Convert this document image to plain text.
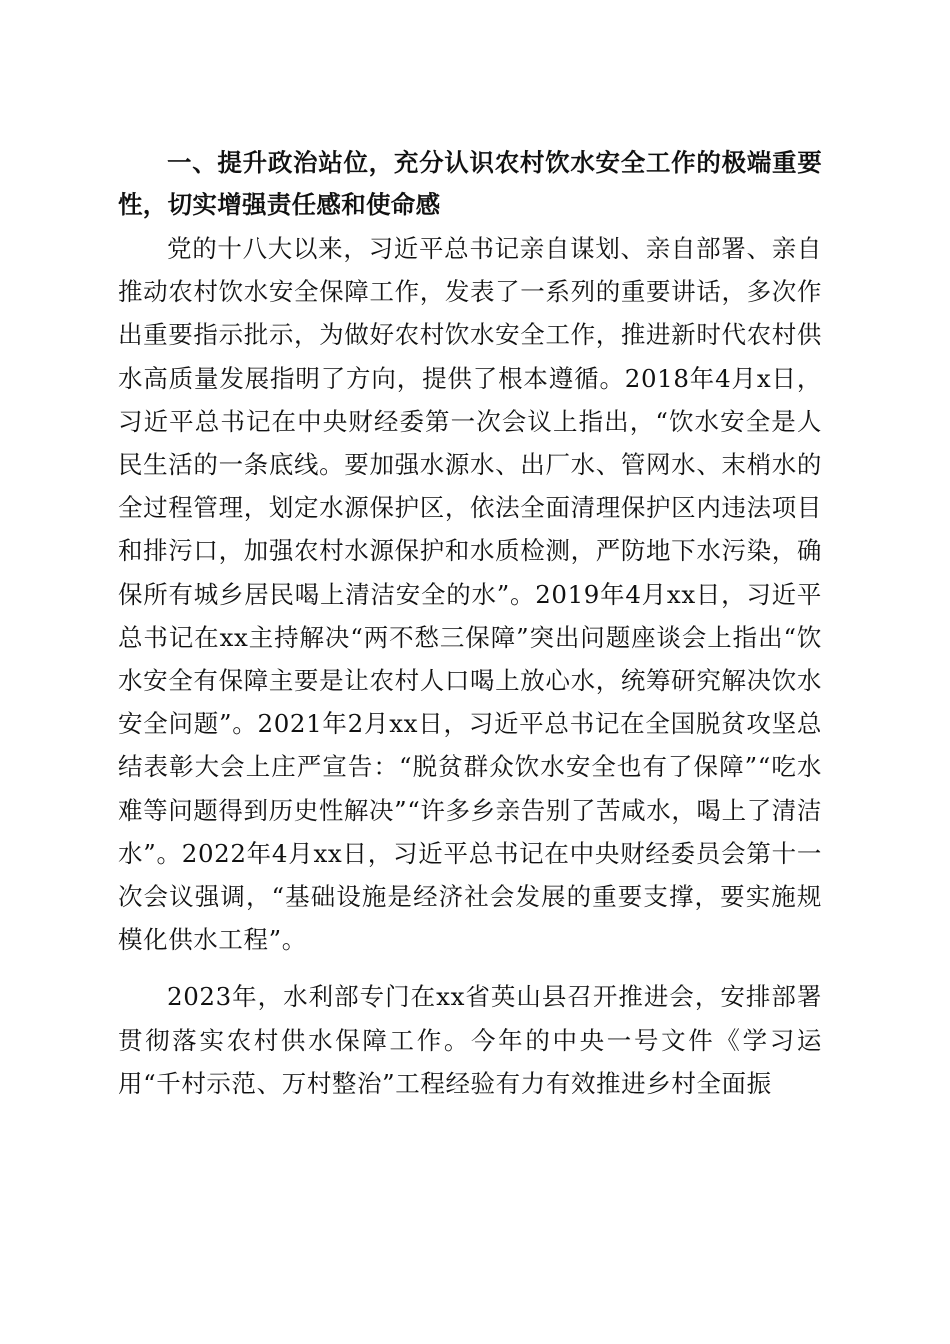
一、提升政治站位，充分认识农村饮水安全工作的极端重要性，切实增强责任感和使命感

党的十八大以来，习近平总书记亲自谋划、亲自部署、亲自推动农村饮水安全保障工作，发表了一系列的重要讲话，多次作出重要指示批示，为做好农村饮水安全工作，推进新时代农村供水高质量发展指明了方向，提供了根本遵循。2018年4月x日，习近平总书记在中央财经委第一次会议上指出，“饮水安全是人民生活的一条底线。要加强水源水、出厂水、管网水、末梢水的全过程管理，划定水源保护区，依法全面清理保护区内违法项目和排污口，加强农村水源保护和水质检测，严防地下水污染，确保所有城乡居民喝上清洁安全的水”。2019年4月xx日，习近平总书记在xx主持解决“两不愁三保障”突出问题座谈会上指出“饮水安全有保障主要是让农村人口喝上放心水，统筹研究解决饮水安全问题”。2021年2月xx日，习近平总书记在全国脱贫攻坚总结表彰大会上庄严宣告：“脱贫群众饮水安全也有了保障”“吃水难等问题得到历史性解决”“许多乡亲告别了苦咸水，喝上了清洁水”。2022年4月xx日，习近平总书记在中央财经委员会第十一次会议强调，“基础设施是经济社会发展的重要支撑，要实施规模化供水工程”。

2023年，水利部专门在xx省英山县召开推进会，安排部署贯彻落实农村供水保障工作。今年的中央一号文件《学习运用“千村示范、万村整治”工程经验有力有效推进乡村全面振
